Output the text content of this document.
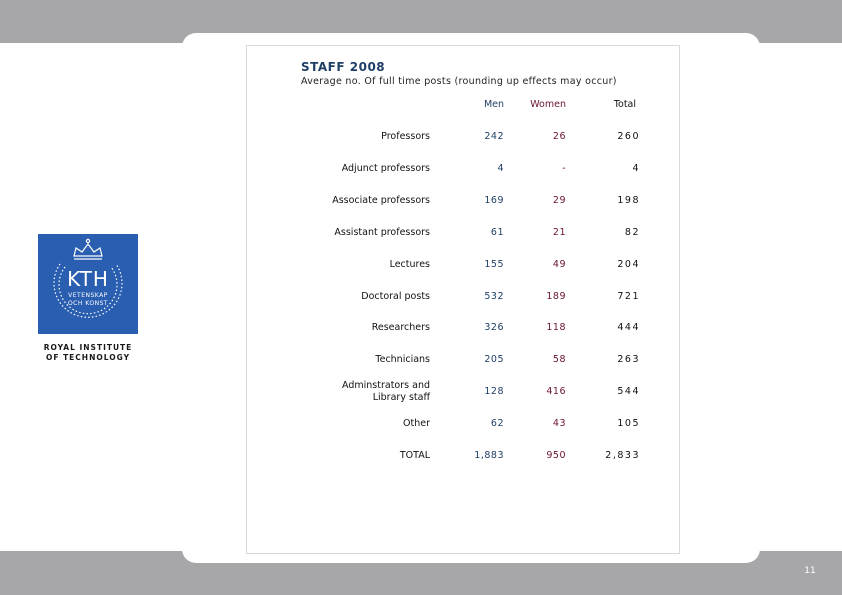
11
STAFF 2008
Average no. Of full time posts (rounding up effects may occur)
Men	Women	Total
Professors	242	26	260
Adjunct professors	4	-	4
Associate professors	169	29	198
Assistant professors	61	21	82
Lectures	155	49	204
Doctoral posts	532	189	721
Researchers	326	118	444
Technicians	205	58	263
Adminstrators and Library staff
128	416	544
Other	62	43	105
TOTAL	1,883	950	2,833
KTH
VETENSKAP
OCH KONST
ROYAL INSTITUTE
OF TECHNOLOGY
